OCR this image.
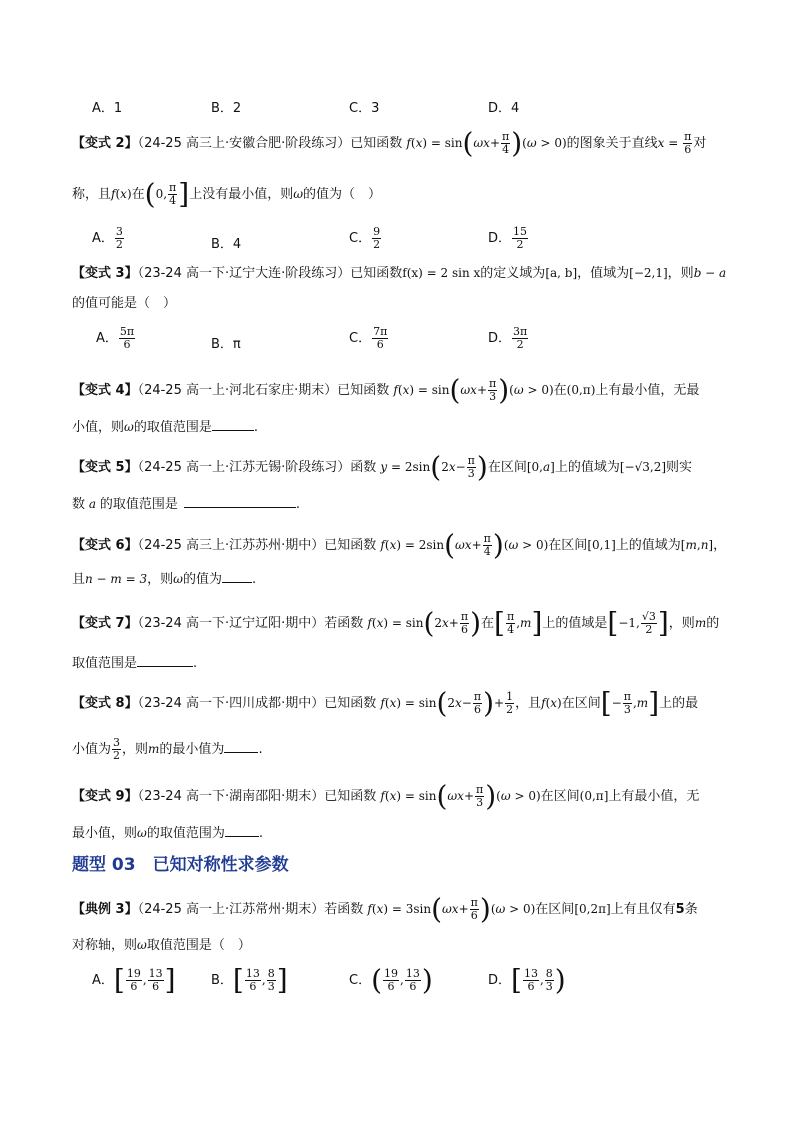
A．1	B．2	C．3	D．4
【变式 2】（24-25 高三上·安徽合肥·阶段练习）已知函数 $f(x) = \sin(\omega x+ \frac{\pi}{4} )(\omega > 0)$的图象关于直线$x = \frac{\pi}{6}$ 对
称，且f(x)在(0, $\frac{\pi}{4}$ ]上没有最小值，则ω的值为（　）
A． $\frac{3}{2}$	B．4	C． $\frac{9}{2}$	D． $\frac{15}{2}$
【变式 3】（23-24 高一下·辽宁大连·阶段练习）已知函数f(x) = 2 sin x的定义域为[a, b]，值域为[−2,1]，则b − a
的值可能是（　）
A． $\frac{5\pi}{6}$	B．π	C． $\frac{7\pi}{6}$	D． $\frac{3\pi}{2}$
【变式 4】（24-25 高一上·河北石家庄·期末）已知函数 $f(x) = \sin(\omega x+ \frac{\pi}{3} )(\omega > 0)$在(0,π)上有最小值，无最
小值，则ω的取值范围是	.
【变式 5】（24-25 高一上·江苏无锡·阶段练习）函数 $y = 2\sin(2x- \frac{\pi}{3}$ )在区间[0,a]上的值域为[−√3,2]则实
数 a 的取值范围是	.
【变式 6】（24-25 高三上·江苏苏州·期中）已知函数 $f(x) = 2\sin(\omega x+ \frac{\pi}{4} )(\omega > 0)$在区间[0,1]上的值域为[m,n]，
且n − m = 3，则ω的值为 .
【变式 7】（23-24 高一下·辽宁辽阳·期中）若函数 $f(x) = \sin(2x+ \frac{\pi}{6}$ )在[ $\frac{\pi}{4} ,m$]上的值域是[−1, $\frac{√3}{2}$ ]，则m的
取值范围是	.
【变式 8】（23-24 高一下·四川成都·期中）已知函数 $f(x) = \sin(2x- \frac{\pi}{6}$ )+ $\frac{1}{2}$ ，且f(x)在区间[− $\frac{\pi}{3} ,m$]上的最
小值为 $\frac{3}{2}$ ，则m的最小值为	.
【变式 9】（23-24 高一下·湖南邵阳·期末）已知函数 $f(x) = \sin(\omega x+ \frac{\pi}{3} )(\omega > 0)$在区间(0,π]上有最小值，无
最小值，则ω的取值范围为	.
题型 03　已知对称性求参数
【典例 3】（24-25 高一上·江苏常州·期末）若函数 $f(x) = 3\sin(\omega x+ \frac{\pi}{6} )(\omega > 0)$在区间[0,2π]上有且仅有5条
对称轴，则ω取值范围是（　）
A．[ $\frac{19}{6}$ , $\frac{13}{6}$ ]	B．[ $\frac{13}{6}$ , $\frac{8}{3}$ ]	C．( $\frac{19}{6}$ , $\frac{13}{6}$ )	D．[ $\frac{13}{6}$ , $\frac{8}{3}$ )
